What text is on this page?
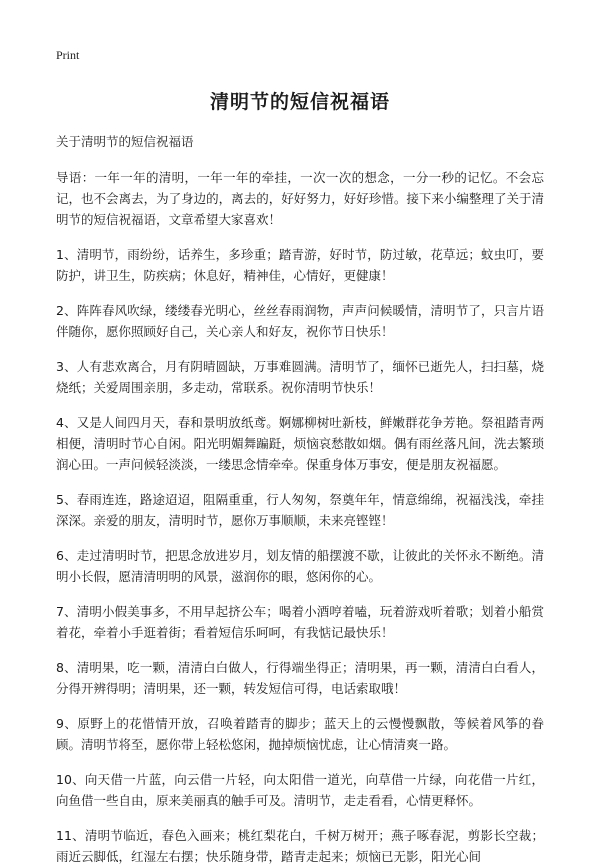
Print
清明节的短信祝福语
关于清明节的短信祝福语
导语：一年一年的清明，一年一年的牵挂，一次一次的想念，一分一秒的记忆。不会忘记，也不会离去，为了身边的，离去的，好好努力，好好珍惜。接下来小编整理了关于清明节的短信祝福语，文章希望大家喜欢！
1、清明节，雨纷纷，话养生，多珍重；踏青游，好时节，防过敏，花草远；蚊虫叮，要防护，讲卫生，防疾病；休息好，精神佳，心情好，更健康！
2、阵阵春风吹绿，缕缕春光明心，丝丝春雨润物，声声问候暖情，清明节了，只言片语伴随你，愿你照顾好自己，关心亲人和好友，祝你节日快乐！
3、人有悲欢离合，月有阴晴圆缺，万事难圆满。清明节了，缅怀已逝先人，扫扫墓，烧烧纸；关爱周围亲朋，多走动，常联系。祝你清明节快乐！
4、又是人间四月天，春和景明放纸鸢。婀娜柳树吐新枝，鲜嫩群花争芳艳。祭祖踏青两相便，清明时节心自闲。阳光明媚舞蹁跹，烦恼哀愁散如烟。偶有雨丝落凡间，洗去繁琐润心田。一声问候轻淡淡，一缕思念情牵牵。保重身体万事安，便是朋友祝福愿。
5、春雨连连，路途迢迢，阻隔重重，行人匆匆，祭奠年年，情意绵绵，祝福浅浅，牵挂深深。亲爱的朋友，清明时节，愿你万事顺顺，未来亮铿铿！
6、走过清明时节，把思念放进岁月，划友情的船摆渡不歇，让彼此的关怀永不断绝。清明小长假，愿清清明明的风景，滋润你的眼，悠闲你的心。
7、清明小假美事多，不用早起挤公车；喝着小酒哼着嗑，玩着游戏听着歌；划着小船赏着花，牵着小手逛着街；看着短信乐呵呵，有我惦记最快乐！
8、清明果，吃一颗，清清白白做人，行得端坐得正；清明果，再一颗，清清白白看人，分得开辨得明；清明果，还一颗，转发短信可得，电话索取哦！
9、原野上的花惜情开放，召唤着踏青的脚步；蓝天上的云慢慢飘散，等候着风筝的眷顾。清明节将至，愿你带上轻松悠闲，抛掉烦恼忧虑，让心情清爽一路。
10、向天借一片蓝，向云借一片轻，向太阳借一道光，向草借一片绿，向花借一片红，向鱼借一些自由，原来美丽真的触手可及。清明节，走走看看，心情更释怀。
11、清明节临近，春色入画来；桃红梨花白，千树万树开；燕子啄春泥，剪影长空裁；雨近云脚低，红湿左右摆；快乐随身带，踏青走起来；烦恼已无影，阳光心间
